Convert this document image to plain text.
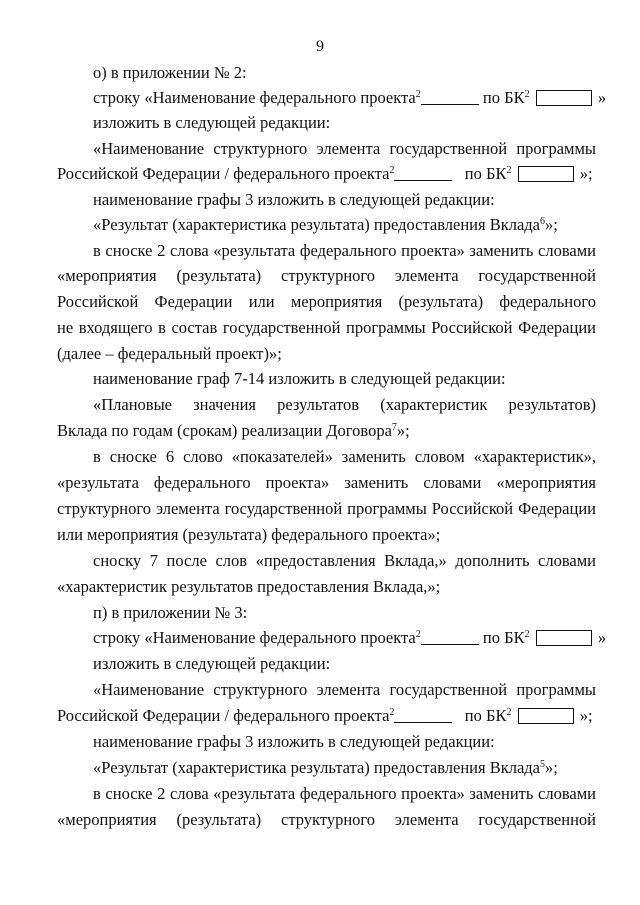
9
о) в приложении № 2:
строку «Наименование федерального проекта$^2$	по $БК^2$	»
изложить в следующей редакции:
«Наименование структурного элемента государственной программы
Российской Федерации / федерального проекта$^2$	по $БК^2$	»;
наименование графы 3 изложить в следующей редакции:
«Результат (характеристика результата) предоставления Вклада$^6$»;
в сноске 2 слова «результата федерального проекта» заменить словами
«мероприятия (результата) структурного элемента государственной
Российской Федерации или мероприятия (результата) федерального
не входящего в состав государственной программы Российской Федерации
(далее – федеральный проект)»;
наименование граф 7-14 изложить в следующей редакции:
«Плановые значения результатов (характеристик результатов)
Вклада по годам (срокам) реализации Договора$^7$»;
в сноске 6 слово «показателей» заменить словом «характеристик»,
«результата федерального проекта» заменить словами «мероприятия
структурного элемента государственной программы Российской Федерации
или мероприятия (результата) федерального проекта»;
сноску 7 после слов «предоставления Вклада,» дополнить словами
«характеристик результатов предоставления Вклада,»;
п) в приложении № 3:
строку «Наименование федерального проекта$^2$	по $БК^2$	»
изложить в следующей редакции:
«Наименование структурного элемента государственной программы
Российской Федерации / федерального проекта$^2$	по $БК^2$	»;
наименование графы 3 изложить в следующей редакции:
«Результат (характеристика результата) предоставления Вклада$^5$»;
в сноске 2 слова «результата федерального проекта» заменить словами
«мероприятия (результата) структурного элемента государственной
